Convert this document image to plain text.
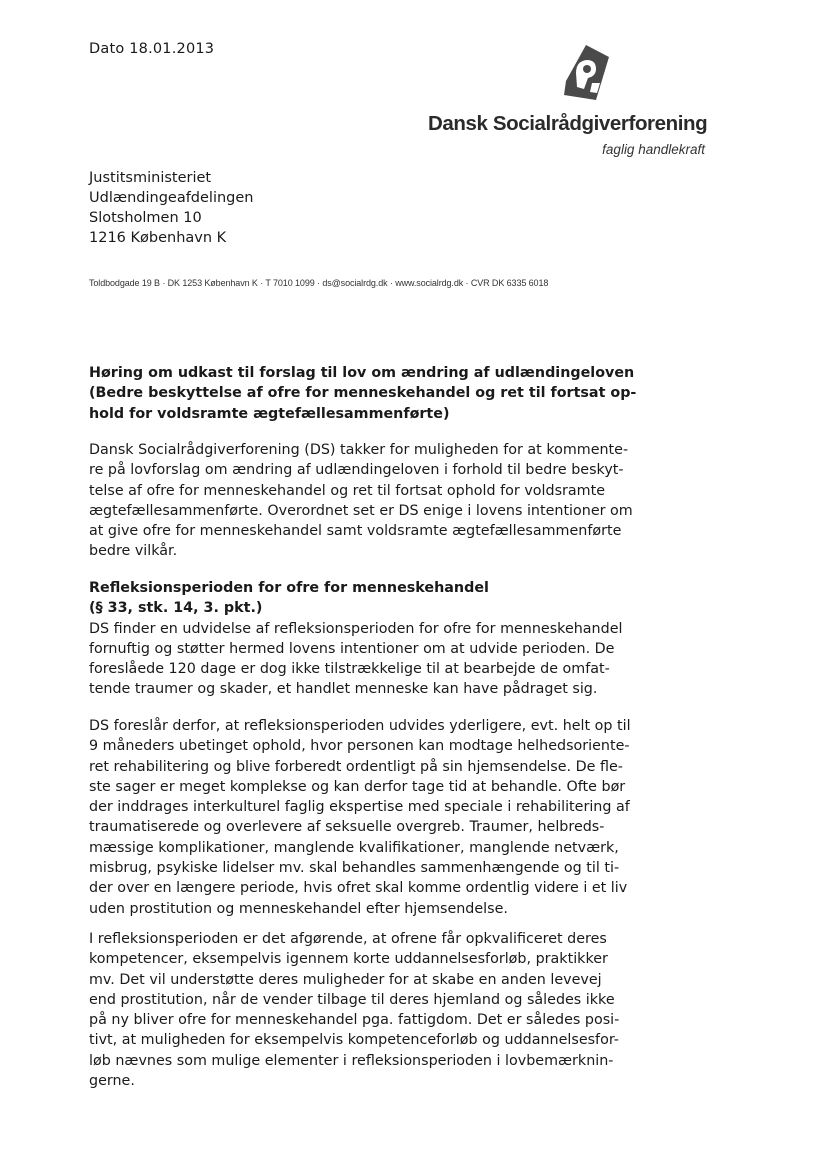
Dato 18.01.2013
Dansk Socialrådgiverforening
faglig handlekraft
Justitsministeriet
Udlændingeafdelingen
Slotsholmen 10
1216 København K
Toldbodgade 19 B · DK 1253 København K · T 7010 1099 · ds@socialrdg.dk · www.socialrdg.dk · CVR DK 6335 6018
Høring om udkast til forslag til lov om ændring af udlændingeloven
(Bedre beskyttelse af ofre for menneskehandel og ret til fortsat op-
hold for voldsramte ægtefællesammenførte)
Dansk Socialrådgiverforening (DS) takker for muligheden for at kommente-
re på lovforslag om ændring af udlændingeloven i forhold til bedre beskyt-
telse af ofre for menneskehandel og ret til fortsat ophold for voldsramte
ægtefællesammenførte. Overordnet set er DS enige i lovens intentioner om
at give ofre for menneskehandel samt voldsramte ægtefællesammenførte
bedre vilkår.
Refleksionsperioden for ofre for menneskehandel
(§ 33, stk. 14, 3. pkt.)
DS finder en udvidelse af refleksionsperioden for ofre for menneskehandel
fornuftig og støtter hermed lovens intentioner om at udvide perioden. De
foreslåede 120 dage er dog ikke tilstrækkelige til at bearbejde de omfat-
tende traumer og skader, et handlet menneske kan have pådraget sig.
DS foreslår derfor, at refleksionsperioden udvides yderligere, evt. helt op til
9 måneders ubetinget ophold, hvor personen kan modtage helhedsoriente-
ret rehabilitering og blive forberedt ordentligt på sin hjemsendelse. De fle-
ste sager er meget komplekse og kan derfor tage tid at behandle. Ofte bør
der inddrages interkulturel faglig ekspertise med speciale i rehabilitering af
traumatiserede og overlevere af seksuelle overgreb. Traumer, helbreds-
mæssige komplikationer, manglende kvalifikationer, manglende netværk,
misbrug, psykiske lidelser mv. skal behandles sammenhængende og til ti-
der over en længere periode, hvis ofret skal komme ordentlig videre i et liv
uden prostitution og menneskehandel efter hjemsendelse.
I refleksionsperioden er det afgørende, at ofrene får opkvalificeret deres
kompetencer, eksempelvis igennem korte uddannelsesforløb, praktikker
mv. Det vil understøtte deres muligheder for at skabe en anden levevej
end prostitution, når de vender tilbage til deres hjemland og således ikke
på ny bliver ofre for menneskehandel pga. fattigdom. Det er således posi-
tivt, at muligheden for eksempelvis kompetenceforløb og uddannelsesfor-
løb nævnes som mulige elementer i refleksionsperioden i lovbemærknin-
gerne.
